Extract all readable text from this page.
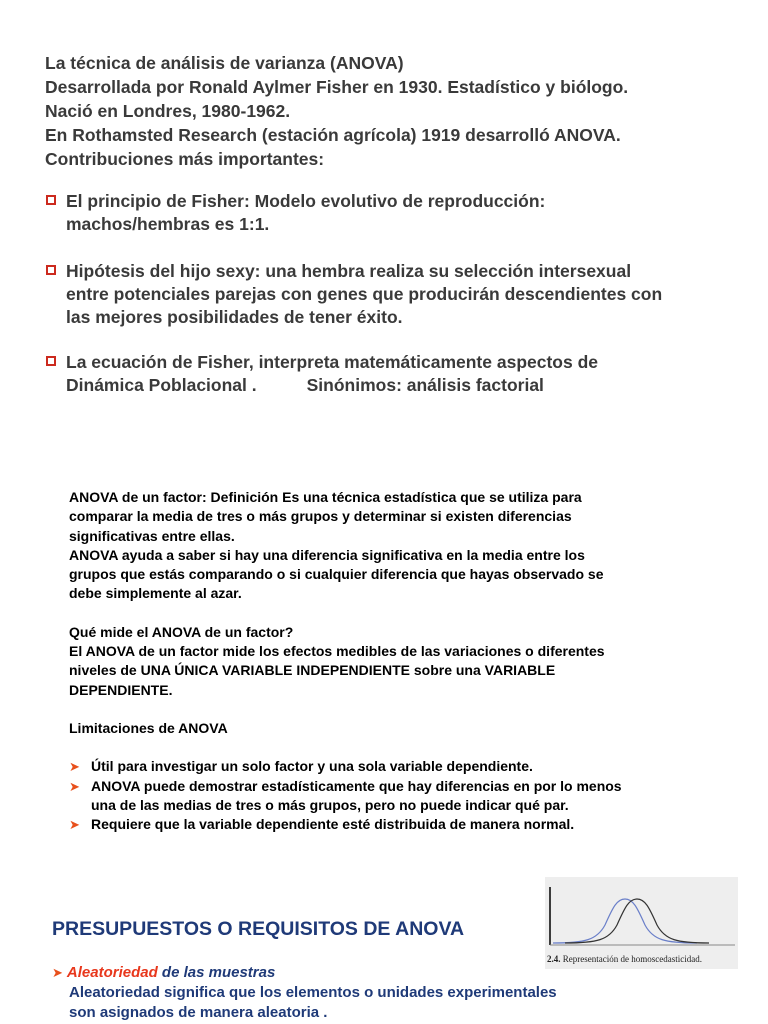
La técnica de análisis de varianza (ANOVA)
Desarrollada por Ronald Aylmer Fisher en 1930. Estadístico y biólogo.
Nació en Londres, 1980-1962.
En Rothamsted Research (estación agrícola) 1919 desarrolló ANOVA.
Contribuciones más importantes:
El principio de Fisher: Modelo evolutivo de reproducción:
machos/hembras es 1:1.
Hipótesis del hijo sexy: una hembra realiza su selección intersexual
entre potenciales parejas con genes que producirán descendientes con
las mejores posibilidades de tener éxito.
La ecuación de Fisher, interpreta matemáticamente aspectos de
Dinámica Poblacional .	Sinónimos: análisis factorial
ANOVA de un factor: Definición Es una técnica estadística que se utiliza para
comparar la media de tres o más grupos y determinar si existen diferencias
significativas entre ellas.
ANOVA ayuda a saber si hay una diferencia significativa en la media entre los
grupos que estás comparando o si cualquier diferencia que hayas observado se
debe simplemente al azar.
Qué mide el ANOVA de un factor?
El ANOVA de un factor mide los efectos medibles de las variaciones o diferentes
niveles de UNA ÚNICA VARIABLE INDEPENDIENTE sobre una VARIABLE
DEPENDIENTE.
Limitaciones de ANOVA
➤ Útil para investigar un solo factor y una sola variable dependiente.
➤ ANOVA puede demostrar estadísticamente que hay diferencias en por lo menos
una de las medias de tres o más grupos, pero no puede indicar qué par.
➤ Requiere que la variable dependiente esté distribuida de manera normal.
2.4. Representación de homoscedasticidad.
PRESUPUESTOS O REQUISITOS DE ANOVA
➤ Aleatoriedad de las muestras
Aleatoriedad significa que los elementos o unidades experimentales
son asignados de manera aleatoria .
